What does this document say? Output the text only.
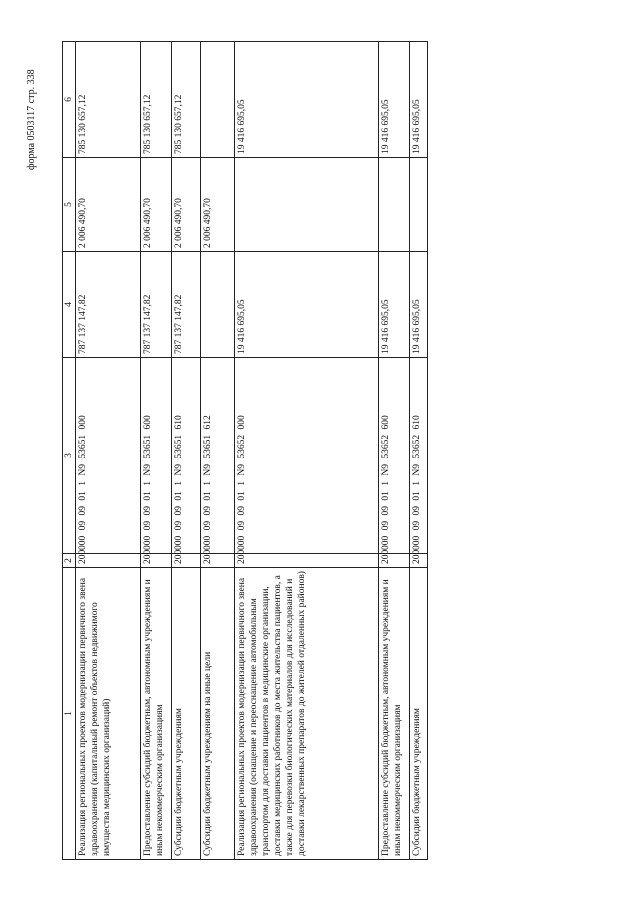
форма 0503117 стр. 338
1	2	3	4	5	6
Реализация региональных проектов модернизации первичного звена здравоохранения (капитальный ремонт объектов недвижимого имущества медицинских организаций)	200	000 09 09 01 1 N9 53651 000	787 137 147,82	2 006 490,70	785 130 657,12
Предоставление субсидий бюджетным, автономным учреждениям и иным некоммерческим организациям	200	000 09 09 01 1 N9 53651 600	787 137 147,82	2 006 490,70	785 130 657,12
Субсидии бюджетным учреждениям	200	000 09 09 01 1 N9 53651 610	787 137 147,82	2 006 490,70	785 130 657,12
Субсидии бюджетным учреждениям на иные цели	200	000 09 09 01 1 N9 53651 612		2 006 490,70	
Реализация региональных проектов модернизации первичного звена здравоохранения (оснащение и переоснащение автомобильным транспортом для доставки пациентов в медицинские организации, доставки медицинских работников до места жительства пациентов, а также для перевозки биологических материалов для исследований и доставки лекарственных препаратов до жителей отдаленных районов)	200	000 09 09 01 1 N9 53652 000	19 416 695,05		19 416 695,05
Предоставление субсидий бюджетным, автономным учреждениям и иным некоммерческим организациям	200	000 09 09 01 1 N9 53652 600	19 416 695,05		19 416 695,05
Субсидии бюджетным учреждениям	200	000 09 09 01 1 N9 53652 610	19 416 695,05		19 416 695,05
